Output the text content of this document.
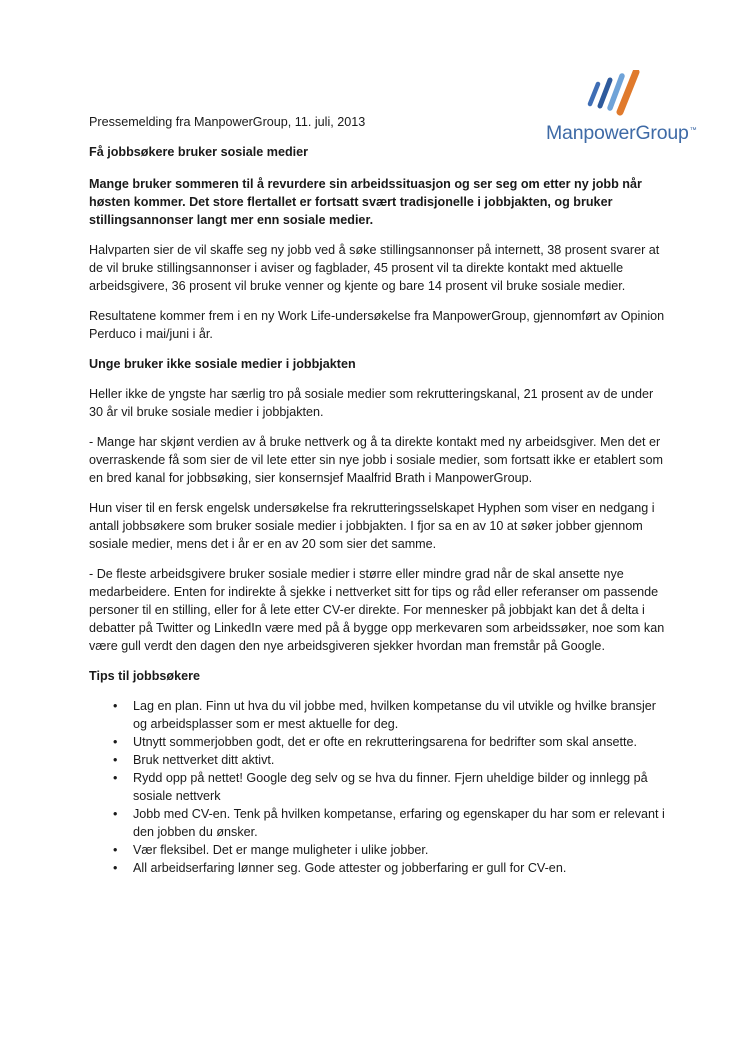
ManpowerGroup™

Pressemelding fra ManpowerGroup, 11. juli, 2013

Få jobbsøkere bruker sosiale medier

Mange bruker sommeren til å revurdere sin arbeidssituasjon og ser seg om etter ny jobb når høsten kommer. Det store flertallet er fortsatt svært tradisjonelle i jobbjakten, og bruker stillingsannonser langt mer enn sosiale medier.

Halvparten sier de vil skaffe seg ny jobb ved å søke stillingsannonser på internett, 38 prosent svarer at de vil bruke stillingsannonser i aviser og fagblader, 45 prosent vil ta direkte kontakt med aktuelle arbeidsgivere, 36 prosent vil bruke venner og kjente og bare 14 prosent vil bruke sosiale medier.

Resultatene kommer frem i en ny Work Life-undersøkelse fra ManpowerGroup, gjennomført av Opinion Perduco i mai/juni i år.

Unge bruker ikke sosiale medier i jobbjakten

Heller ikke de yngste har særlig tro på sosiale medier som rekrutteringskanal, 21 prosent av de under 30 år vil bruke sosiale medier i jobbjakten.

- Mange har skjønt verdien av å bruke nettverk og å ta direkte kontakt med ny arbeidsgiver. Men det er overraskende få som sier de vil lete etter sin nye jobb i sosiale medier, som fortsatt ikke er etablert som en bred kanal for jobbsøking, sier konsernsjef Maalfrid Brath i ManpowerGroup.

Hun viser til en fersk engelsk undersøkelse fra rekrutteringsselskapet Hyphen som viser en nedgang i antall jobbsøkere som bruker sosiale medier i jobbjakten. I fjor sa en av 10 at søker jobber gjennom sosiale medier, mens det i år er en av 20 som sier det samme.

- De fleste arbeidsgivere bruker sosiale medier i større eller mindre grad når de skal ansette nye medarbeidere. Enten for indirekte å sjekke i nettverket sitt for tips og råd eller referanser om passende personer til en stilling, eller for å lete etter CV-er direkte. For mennesker på jobbjakt kan det å delta i debatter på Twitter og LinkedIn være med på å bygge opp merkevaren som arbeidssøker, noe som kan være gull verdt den dagen den nye arbeidsgiveren sjekker hvordan man fremstår på Google.

Tips til jobbsøkere

• Lag en plan. Finn ut hva du vil jobbe med, hvilken kompetanse du vil utvikle og hvilke bransjer og arbeidsplasser som er mest aktuelle for deg.
• Utnytt sommerjobben godt, det er ofte en rekrutteringsarena for bedrifter som skal ansette.
• Bruk nettverket ditt aktivt.
• Rydd opp på nettet! Google deg selv og se hva du finner. Fjern uheldige bilder og innlegg på sosiale nettverk
• Jobb med CV-en. Tenk på hvilken kompetanse, erfaring og egenskaper du har som er relevant i den jobben du ønsker.
• Vær fleksibel. Det er mange muligheter i ulike jobber.
• All arbeidserfaring lønner seg. Gode attester og jobberfaring er gull for CV-en.
